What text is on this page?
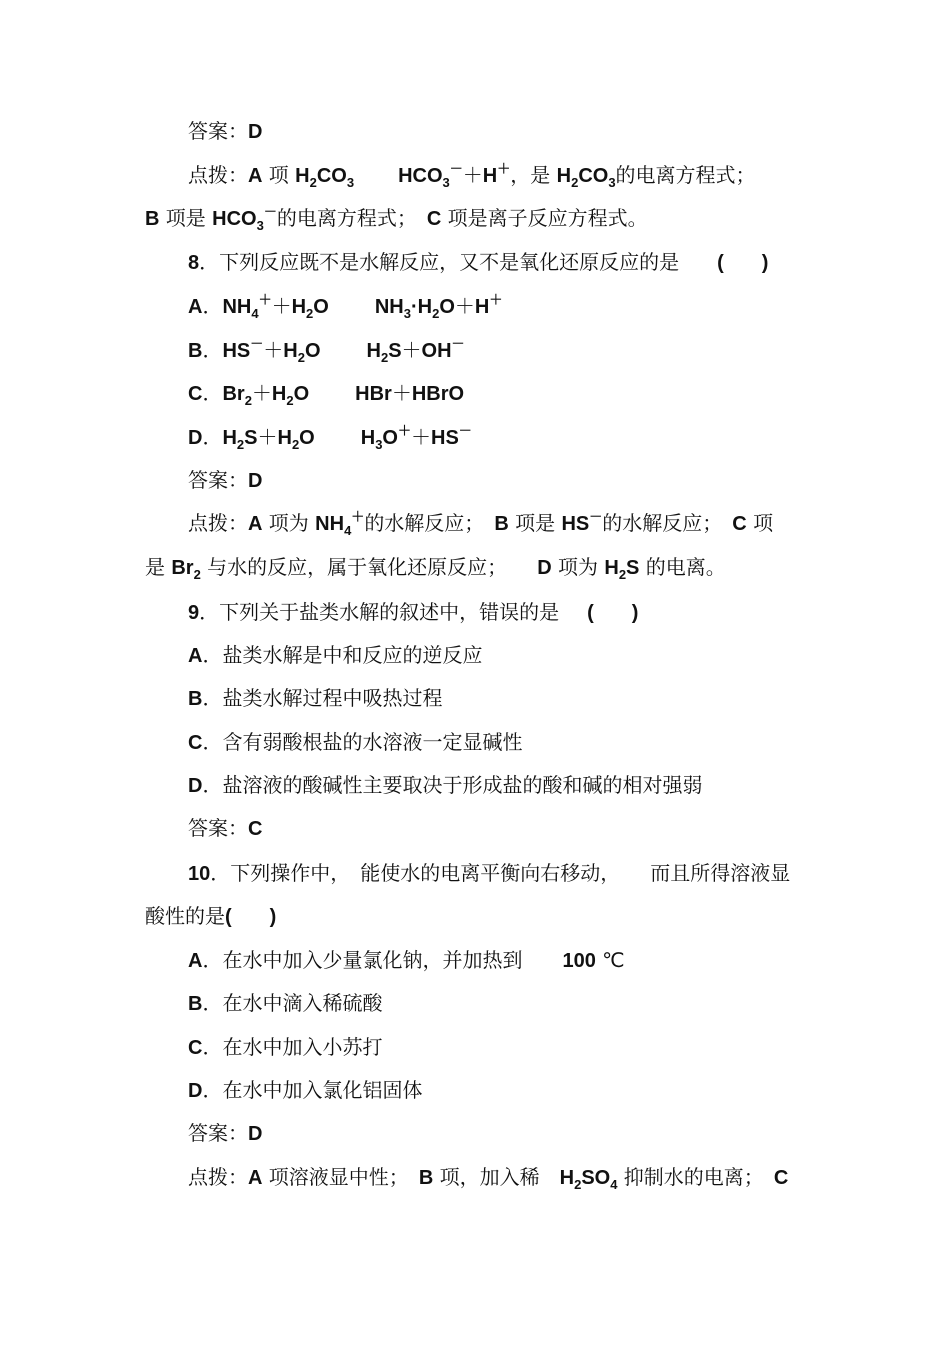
答案：D
点拨：A 项 $H_2CO_3$ $HCO_3^-+H^+$，是 $H_2CO_3$的电离方程式；
B 项是 $HCO_3^-$的电离方程式；　C 项是离子反应方程式。
8．下列反应既不是水解反应，又不是氧化还原反应的是 ( )
A．$NH_4^++H_2O$ $NH_3\cdot H_2O+H^+$
B．$HS^-+H_2O$ $H_2S+OH^-$
C．$Br_2+H_2O$ HBr＋HBrO
D．$H_2S+H_2O$ $H_3O^++HS^-$
答案：D
点拨：A 项为 $NH_4^+$的水解反应；　B 项是 HS－的水解反应；　C 项
是 $Br_2$ 与水的反应，属于氧化还原反应；　　D 项为 $H_2S$ 的电离。
9．下列关于盐类水解的叙述中，错误的是 ( )
A．盐类水解是中和反应的逆反应
B．盐类水解过程中吸热过程
C．含有弱酸根盐的水溶液一定显碱性
D．盐溶液的酸碱性主要取决于形成盐的酸和碱的相对强弱
答案：C
10．下列操作中，　能使水的电离平衡向右移动，　　而且所得溶液显
酸性的是( )
A．在水中加入少量氯化钠，并加热到　　100 ℃
B．在水中滴入稀硫酸
C．在水中加入小苏打
D．在水中加入氯化铝固体
答案：D
点拨：A 项溶液显中性；　B 项，加入稀　$H_2SO_4$ 抑制水的电离；　C
